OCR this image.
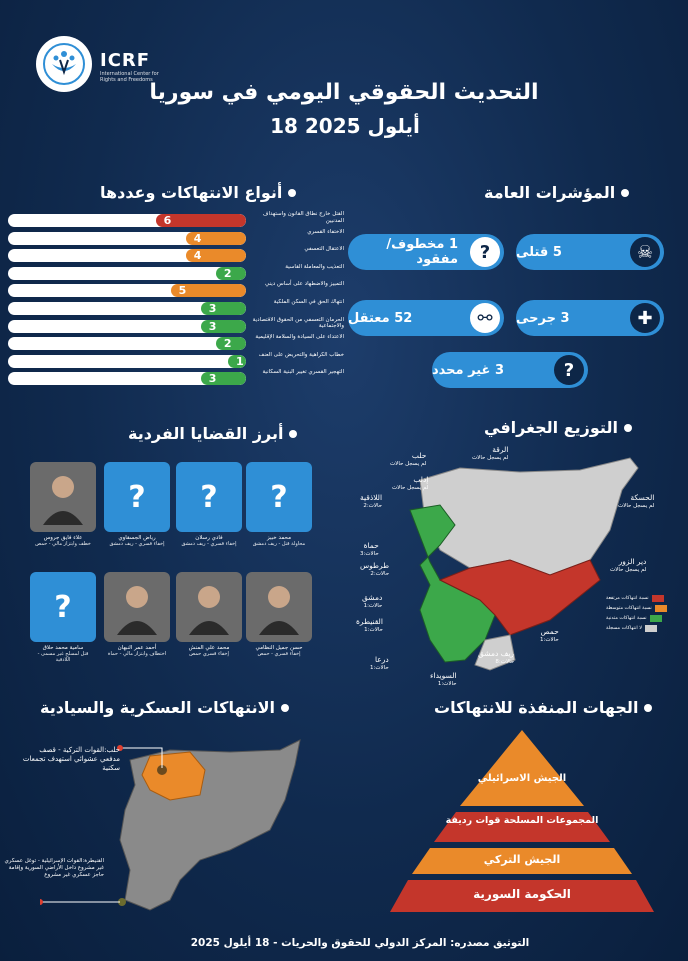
ICRF
International Center for Rights and Freedoms
التحديث الحقوقي اليومي في سوريا
18 أيلول 2025
أنواع الانتهاكات وعددها
6	القتل خارج نطاق القانون واستهداف المدنيين
4	الاختفاء القسري
4	الاعتقال التعسفي
2	التعذيب والمعاملة القاسية
5	التمييز والاضطهاد على أساس ديني
3	انتهاك الحق في السكن الملكية
3	الحرمان التعسفي من الحقوق الاقتصادية والاجتماعية
2	الاعتداء على السيادة والسلامة الإقليمية
1	خطاب الكراهية والتحريض على العنف
3	التهجير القسري تغيير البنية السكانية
المؤشرات العامة
1 مخطوف/مفقود	?	5 قتلى	☠
52 معتقل	⚯	3 جرحى	✚
3 غير محدد	?
أبرز القضايا الفردية
?
محمد خبيز
محاولة قتل - ريف دمشق
?
فادي رسلان
إخفاء قسري - ريف دمشق
?
رياض الجسقاوي
إخفاء قسري - ريف دمشق
علاء فايق جروس
خطف وابتزاز مالي - حمص
حسن جميل النظامي
إخفاء قسري - حمص
محمد علي المنش
إخفاء قسري حمص
أحمد عمر النبهان
اختطاف وابتزاز مالي - حماة
?
سامية محمد حلاق
قتل لمسلح غير مسمى - اللاذقية
التوزيع الجغرافي
حلب
لم يسجل حالات
الرقة
لم يسجل حالات
إدلب
لم يسجل حالات
اللاذقية
حالات:2
الحسكة
لم يسجل حالات
حماة
حالات:3
طرطوس
حالات:2
دير الزور
لم يسجل حالات
دمشق
حالات:1
القنيطرة
حالات:1	حمص
حالات:1
ريف دمشق
حالات:8
درعا
حالات:1
السويداء
حالات:1
نسبة انتهاكات مرتفعة
نسبة انتهاكات متوسطة
نسبة انتهاكات متدنية
لا انتهاكات مسجلة
الانتهاكات العسكرية والسيادية
حلب:القوات التركية - قصف مدفعي عشوائي استهدف تجمعات سكنية
القنيطرة:القوات الإسرائيلية - توغل عسكري غير مشروع داخل الأراضي السورية وإقامة حاجز عسكري غير مشروع
الجهات المنفذة للانتهاكات
الجيش الاسرائيلي
المجموعات المسلحة قوات رديفة
الجيش التركي
الحكومة السورية
التوثيق مصدره: المركز الدولي للحقوق والحريات - 18 أيلول 2025
